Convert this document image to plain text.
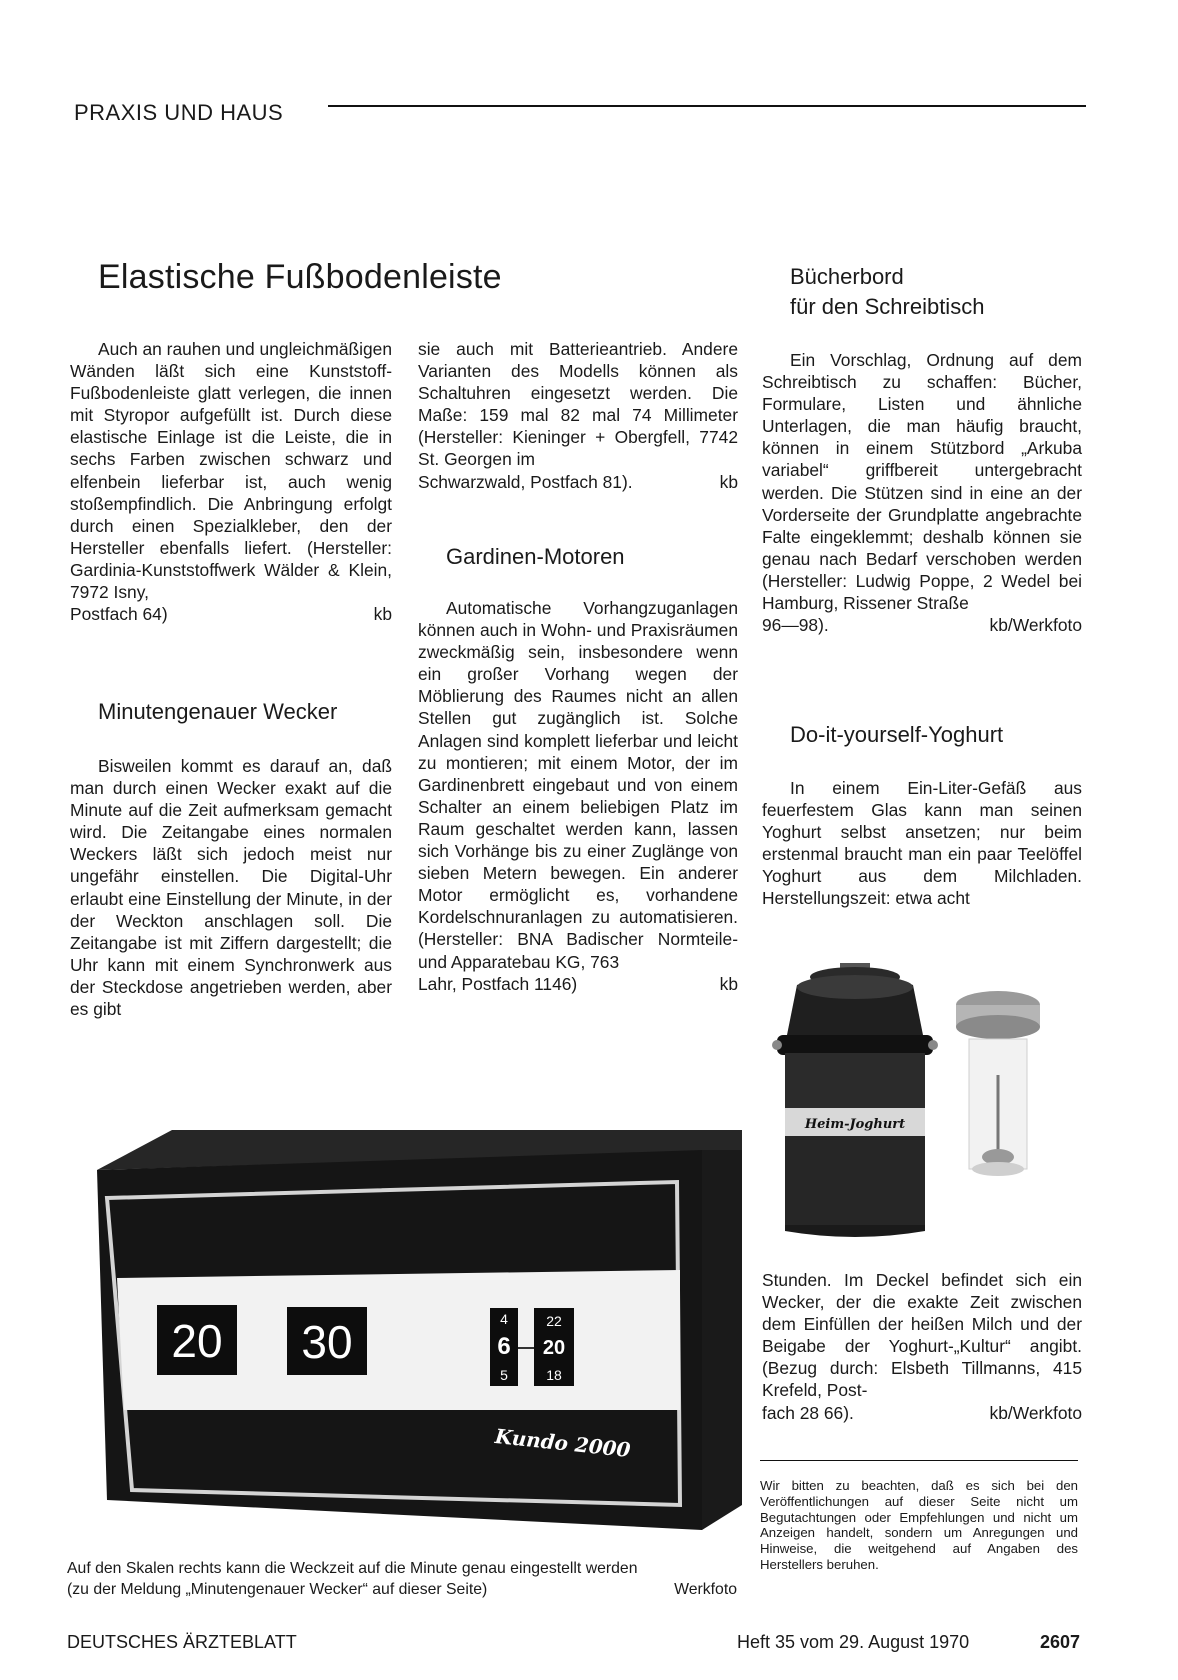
PRAXIS UND HAUS
Elastische Fußbodenleiste

Auch an rauhen und ungleichmäßigen Wänden läßt sich eine Kunststoff-Fußbodenleiste glatt verlegen, die innen mit Styropor aufgefüllt ist. Durch diese elastische Einlage ist die Leiste, die in sechs Farben zwischen schwarz und elfenbein lieferbar ist, auch wenig stoßempfindlich. Die Anbringung erfolgt durch einen Spezialkleber, den der Hersteller ebenfalls liefert. (Hersteller: Gardinia-Kunststoffwerk Wälder & Klein, 7972 Isny,

Postfach 64)	kb
Minutengenauer Wecker

Bisweilen kommt es darauf an, daß man durch einen Wecker exakt auf die Minute auf die Zeit aufmerksam gemacht wird. Die Zeitangabe eines normalen Weckers läßt sich jedoch meist nur ungefähr einstellen. Die Digital-Uhr erlaubt eine Einstellung der Minute, in der der Weckton anschlagen soll. Die Zeitangabe ist mit Ziffern dargestellt; die Uhr kann mit einem Synchronwerk aus der Steckdose angetrieben werden, aber es gibt

sie auch mit Batterieantrieb. Andere Varianten des Modells können als Schaltuhren eingesetzt werden. Die Maße: 159 mal 82 mal 74 Millimeter (Hersteller: Kieninger + Obergfell, 7742 St. Georgen im

Schwarzwald, Postfach 81).	kb
Gardinen-Motoren

Automatische Vorhangzuganlagen können auch in Wohn- und Praxisräumen zweckmäßig sein, insbesondere wenn ein großer Vorhang wegen der Möblierung des Raumes nicht an allen Stellen gut zugänglich ist. Solche Anlagen sind komplett lieferbar und leicht zu montieren; mit einem Motor, der im Gardinenbrett eingebaut und von einem Schalter an einem beliebigen Platz im Raum geschaltet werden kann, lassen sich Vorhänge bis zu einer Zuglänge von sieben Metern bewegen. Ein anderer Motor ermöglicht es, vorhandene Kordelschnuranlagen zu automatisieren. (Hersteller: BNA Badischer Normteile- und Apparatebau KG, 763

Lahr, Postfach 1146)	kb
Bücherbord
für den Schreibtisch

Ein Vorschlag, Ordnung auf dem Schreibtisch zu schaffen: Bücher, Formulare, Listen und ähnliche Unterlagen, die man häufig braucht, können in einem Stützbord „Arkuba variabel“ griffbereit untergebracht werden. Die Stützen sind in eine an der Vorderseite der Grundplatte angebrachte Falte eingeklemmt; deshalb können sie genau nach Bedarf verschoben werden (Hersteller: Ludwig Poppe, 2 Wedel bei Hamburg, Rissener Straße

96—98).	kb/Werkfoto
Do-it-yourself-Yoghurt

In einem Ein-Liter-Gefäß aus feuerfestem Glas kann man seinen Yoghurt selbst ansetzen; nur beim erstenmal braucht man ein paar Teelöffel Yoghurt aus dem Milchladen. Herstellungszeit: etwa acht

Heim-Joghurt

Stunden. Im Deckel befindet sich ein Wecker, der die exakte Zeit zwischen dem Einfüllen der heißen Milch und der Beigabe der Yoghurt-„Kultur“ angibt. (Bezug durch: Elsbeth Tillmanns, 415 Krefeld, Post-

fach 28 66).	kb/Werkfoto
20 30	4
6
5
22
20
18
Kundo 2000
Auf den Skalen rechts kann die Weckzeit auf die Minute genau eingestellt werden
(zu der Meldung „Minutengenauer Wecker“ auf dieser Seite)	Werkfoto
Wir bitten zu beachten, daß es sich bei den Veröffentlichungen auf dieser Seite nicht um Begutachtungen oder Empfehlungen und nicht um Anzeigen handelt, sondern um Anregungen und Hinweise, die weitgehend auf Angaben des Herstellers beruhen.
DEUTSCHES ÄRZTEBLATT	Heft 35 vom 29. August 1970	2607
